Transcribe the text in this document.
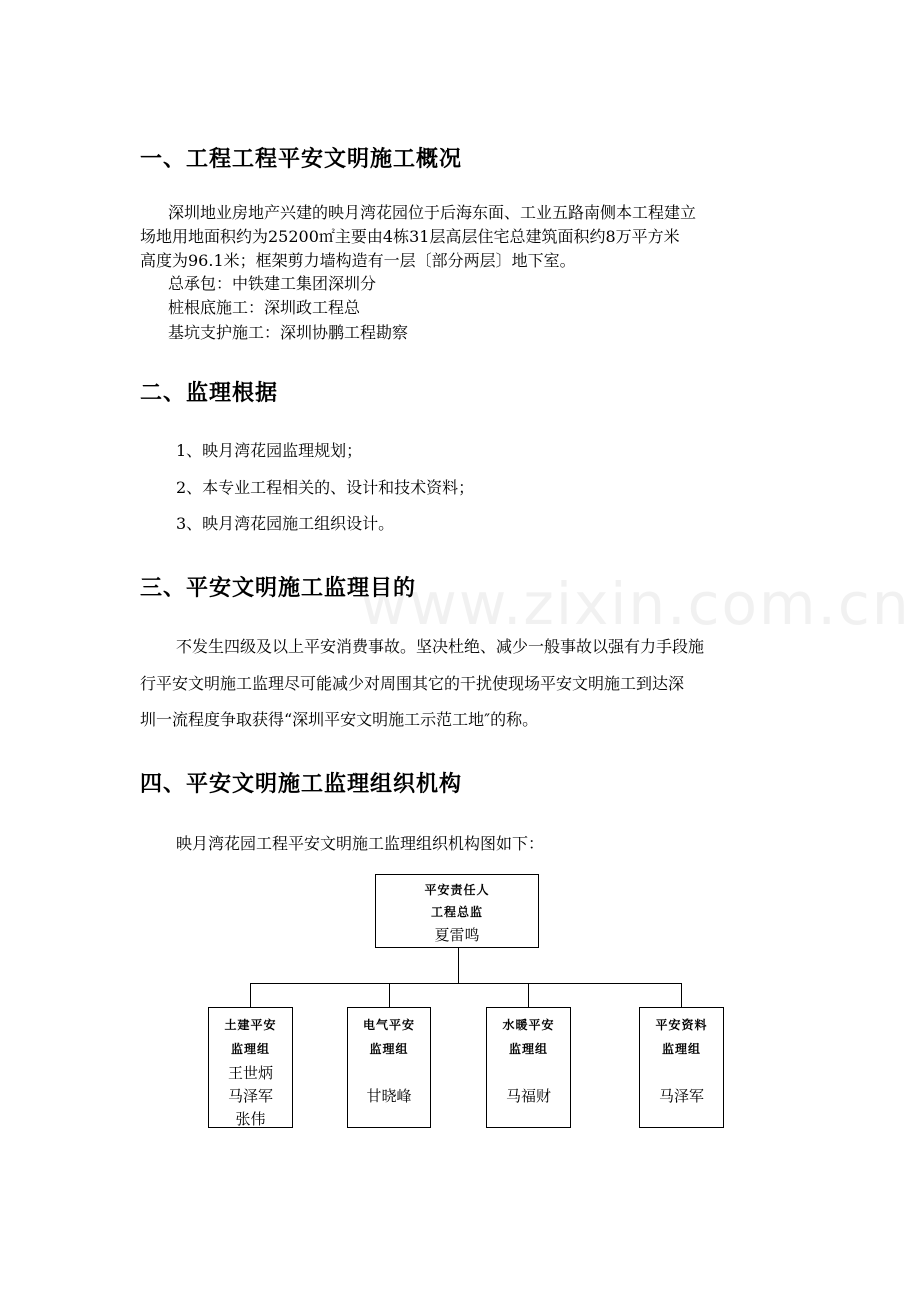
www.zixin.com.cn
一、工程工程平安文明施工概况

深圳地业房地产兴建的映月湾花园位于后海东面、工业五路南侧本工程建立

场地用地面积约为25200㎡主要由4栋31层高层住宅总建筑面积约8万平方米

高度为96.1米；框架剪力墙构造有一层〔部分两层〕地下室。

总承包：中铁建工集团深圳分

桩根底施工：深圳政工程总

基坑支护施工：深圳协鹏工程勘察

二、监理根据

1、映月湾花园监理规划；

2、本专业工程相关的、设计和技术资料；

3、映月湾花园施工组织设计。

三、平安文明施工监理目的

不发生四级及以上平安消费事故。坚决杜绝、减少一般事故以强有力手段施

行平安文明施工监理尽可能减少对周围其它的干扰使现场平安文明施工到达深

圳一流程度争取获得“深圳平安文明施工示范工地″的称。

四、平安文明施工监理组织机构

映月湾花园工程平安文明施工监理组织机构图如下：

平安责任人
工程总监
夏雷鸣
土建平安
监理组
王世炳
马泽军
张伟
电气平安
监理组
甘晓峰
水暖平安
监理组
马福财
平安资料
监理组
马泽军
